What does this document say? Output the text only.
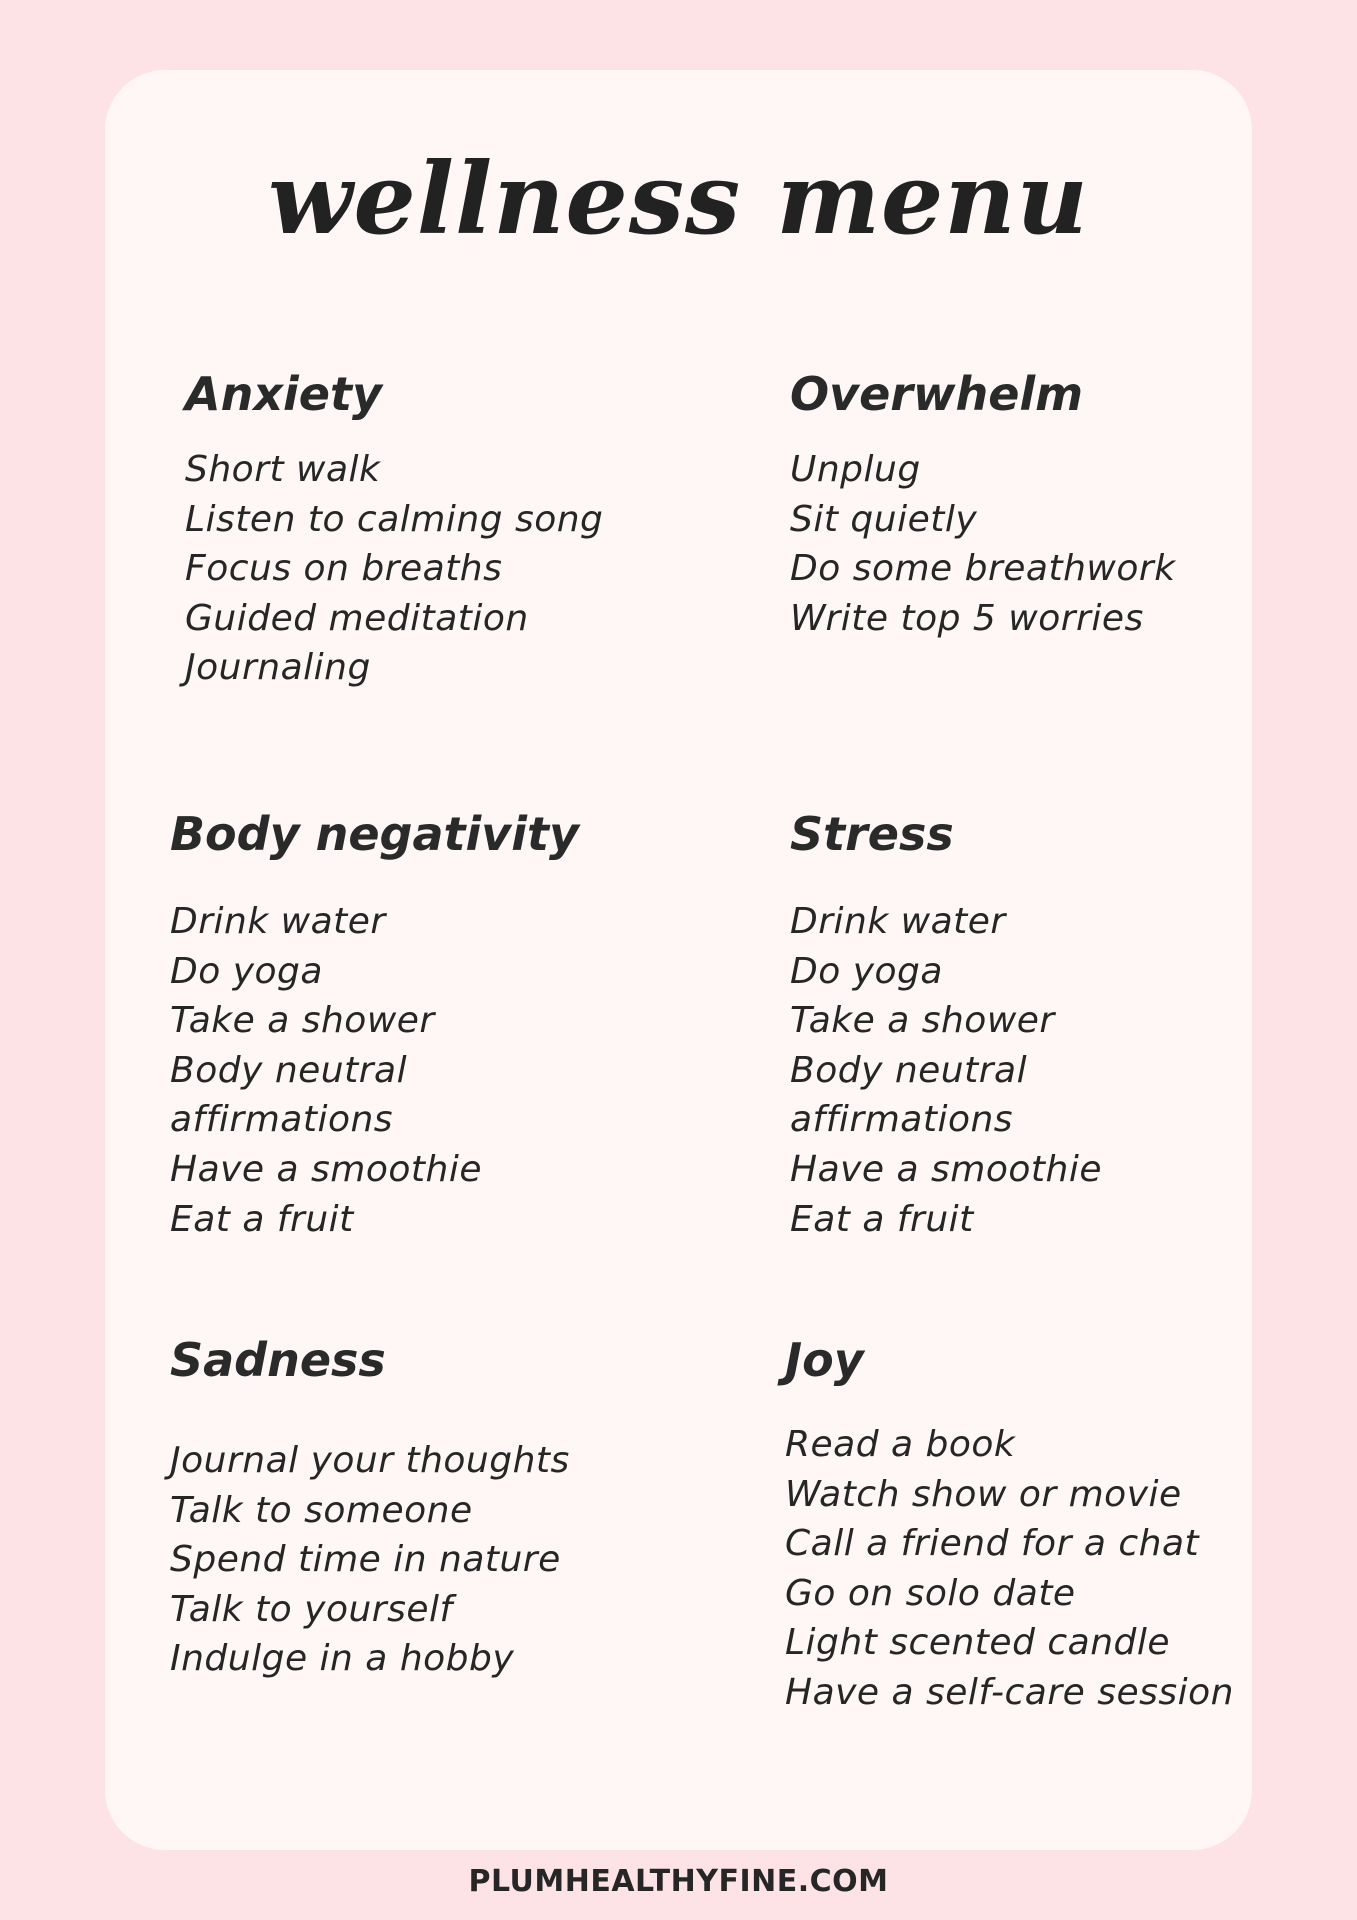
wellness menu
Anxiety
Short walk
Listen to calming song
Focus on breaths
Guided meditation
Journaling
Overwhelm
Unplug
Sit quietly
Do some breathwork
Write top 5 worries
Body negativity
Drink water
Do yoga
Take a shower
Body neutral
affirmations
Have a smoothie
Eat a fruit
Stress
Drink water
Do yoga
Take a shower
Body neutral
affirmations
Have a smoothie
Eat a fruit
Sadness
Journal your thoughts
Talk to someone
Spend time in nature
Talk to yourself
Indulge in a hobby
Joy
Read a book
Watch show or movie
Call a friend for a chat
Go on solo date
Light scented candle
Have a self-care session
PLUMHEALTHYFINE.COM
